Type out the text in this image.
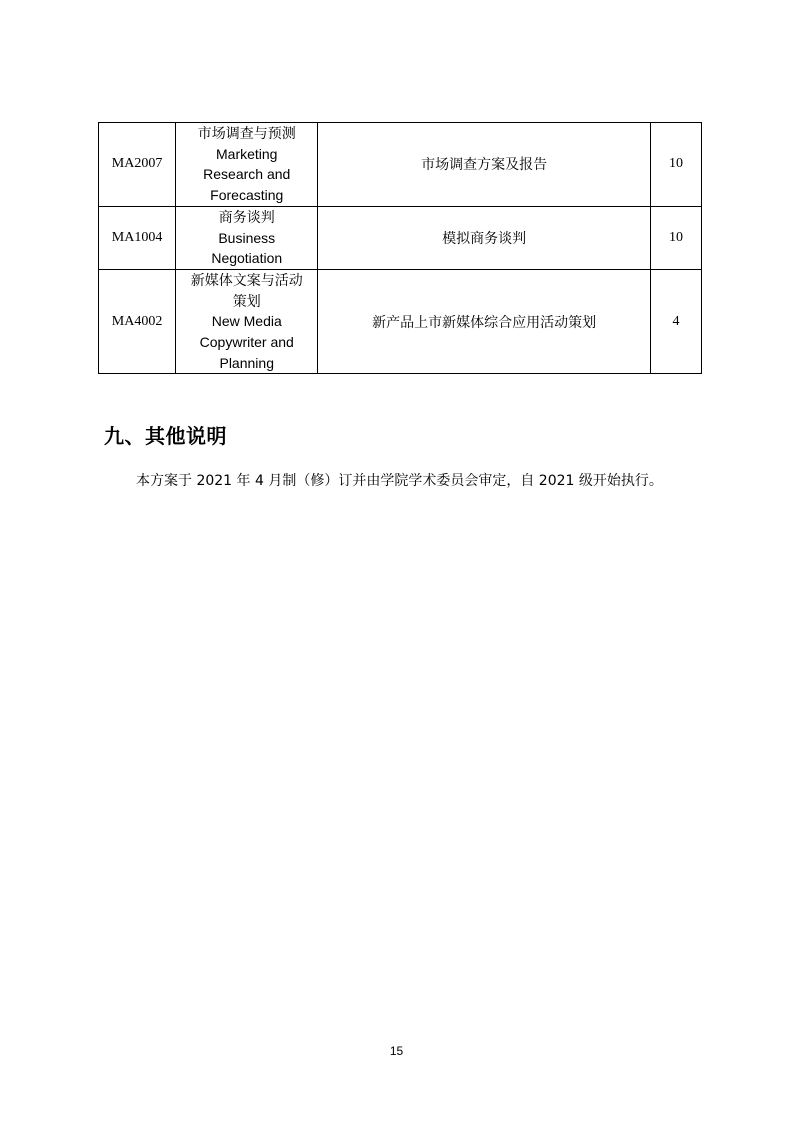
MA2007	市场调查与预测
Marketing
Research and
Forecasting	市场调查方案及报告	10
MA1004	商务谈判
Business
Negotiation	模拟商务谈判	10
MA4002	新媒体文案与活动
策划
New Media
Copywriter and
Planning	新产品上市新媒体综合应用活动策划	4
九、其他说明

本方案于 2021 年 4 月制（修）订并由学院学术委员会审定，自 2021 级开始执行。

15
